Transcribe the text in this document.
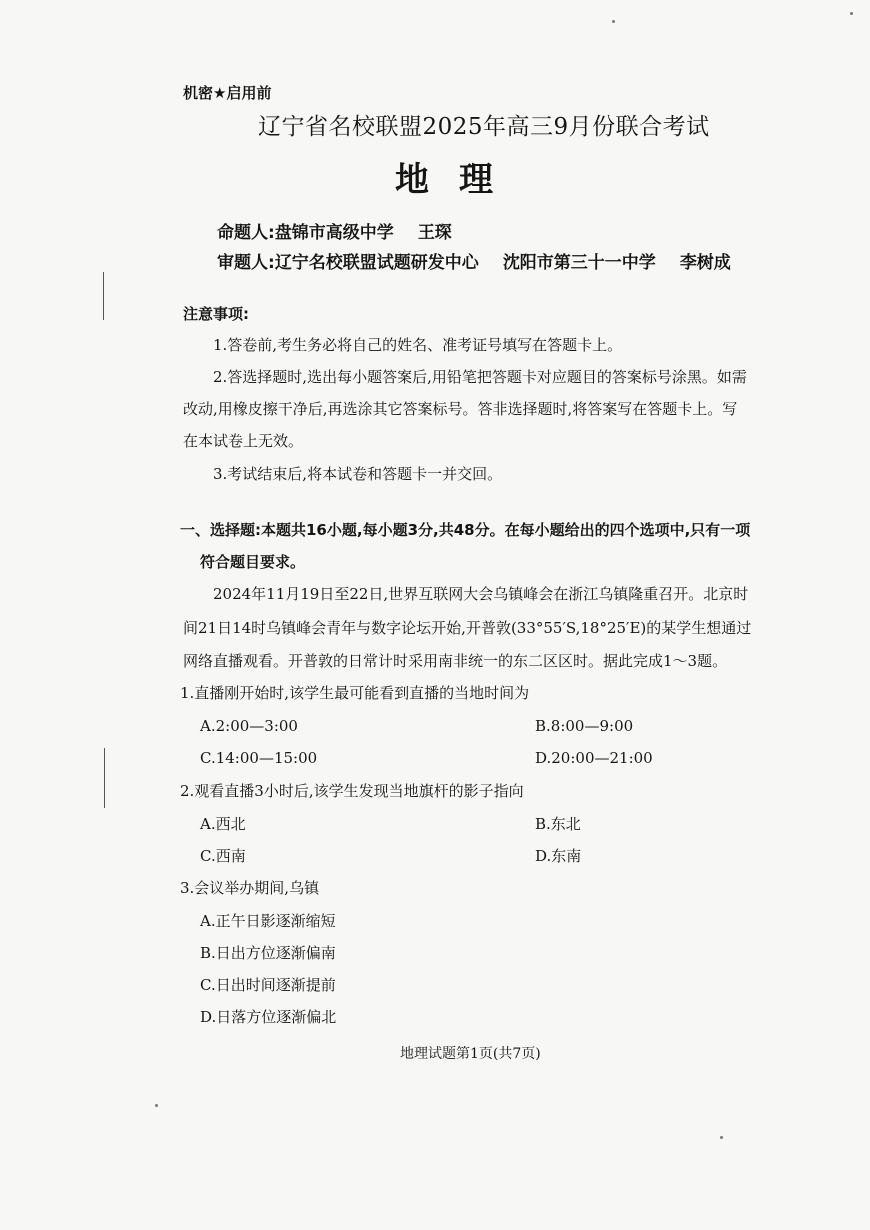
机密★启用前
辽宁省名校联盟2025年高三9月份联合考试
地理
命题人:盘锦市高级中学 王琛
审题人:辽宁名校联盟试题研发中心 沈阳市第三十一中学 李树成
注意事项:
1.答卷前,考生务必将自己的姓名、准考证号填写在答题卡上。
2.答选择题时,选出每小题答案后,用铅笔把答题卡对应题目的答案标号涂黑。如需
改动,用橡皮擦干净后,再选涂其它答案标号。答非选择题时,将答案写在答题卡上。写
在本试卷上无效。
3.考试结束后,将本试卷和答题卡一并交回。
一、选择题:本题共16小题,每小题3分,共48分。在每小题给出的四个选项中,只有一项
符合题目要求。
2024年11月19日至22日,世界互联网大会乌镇峰会在浙江乌镇隆重召开。北京时
间21日14时乌镇峰会青年与数字论坛开始,开普敦(33°55′S,18°25′E)的某学生想通过
网络直播观看。开普敦的日常计时采用南非统一的东二区区时。据此完成1～3题。
1.直播刚开始时,该学生最可能看到直播的当地时间为
A.2:00—3:00	B.8:00—9:00
C.14:00—15:00	D.20:00—21:00
2.观看直播3小时后,该学生发现当地旗杆的影子指向
A.西北	B.东北
C.西南	D.东南
3.会议举办期间,乌镇
A.正午日影逐渐缩短
B.日出方位逐渐偏南
C.日出时间逐渐提前
D.日落方位逐渐偏北
地理试题第1页(共7页)
